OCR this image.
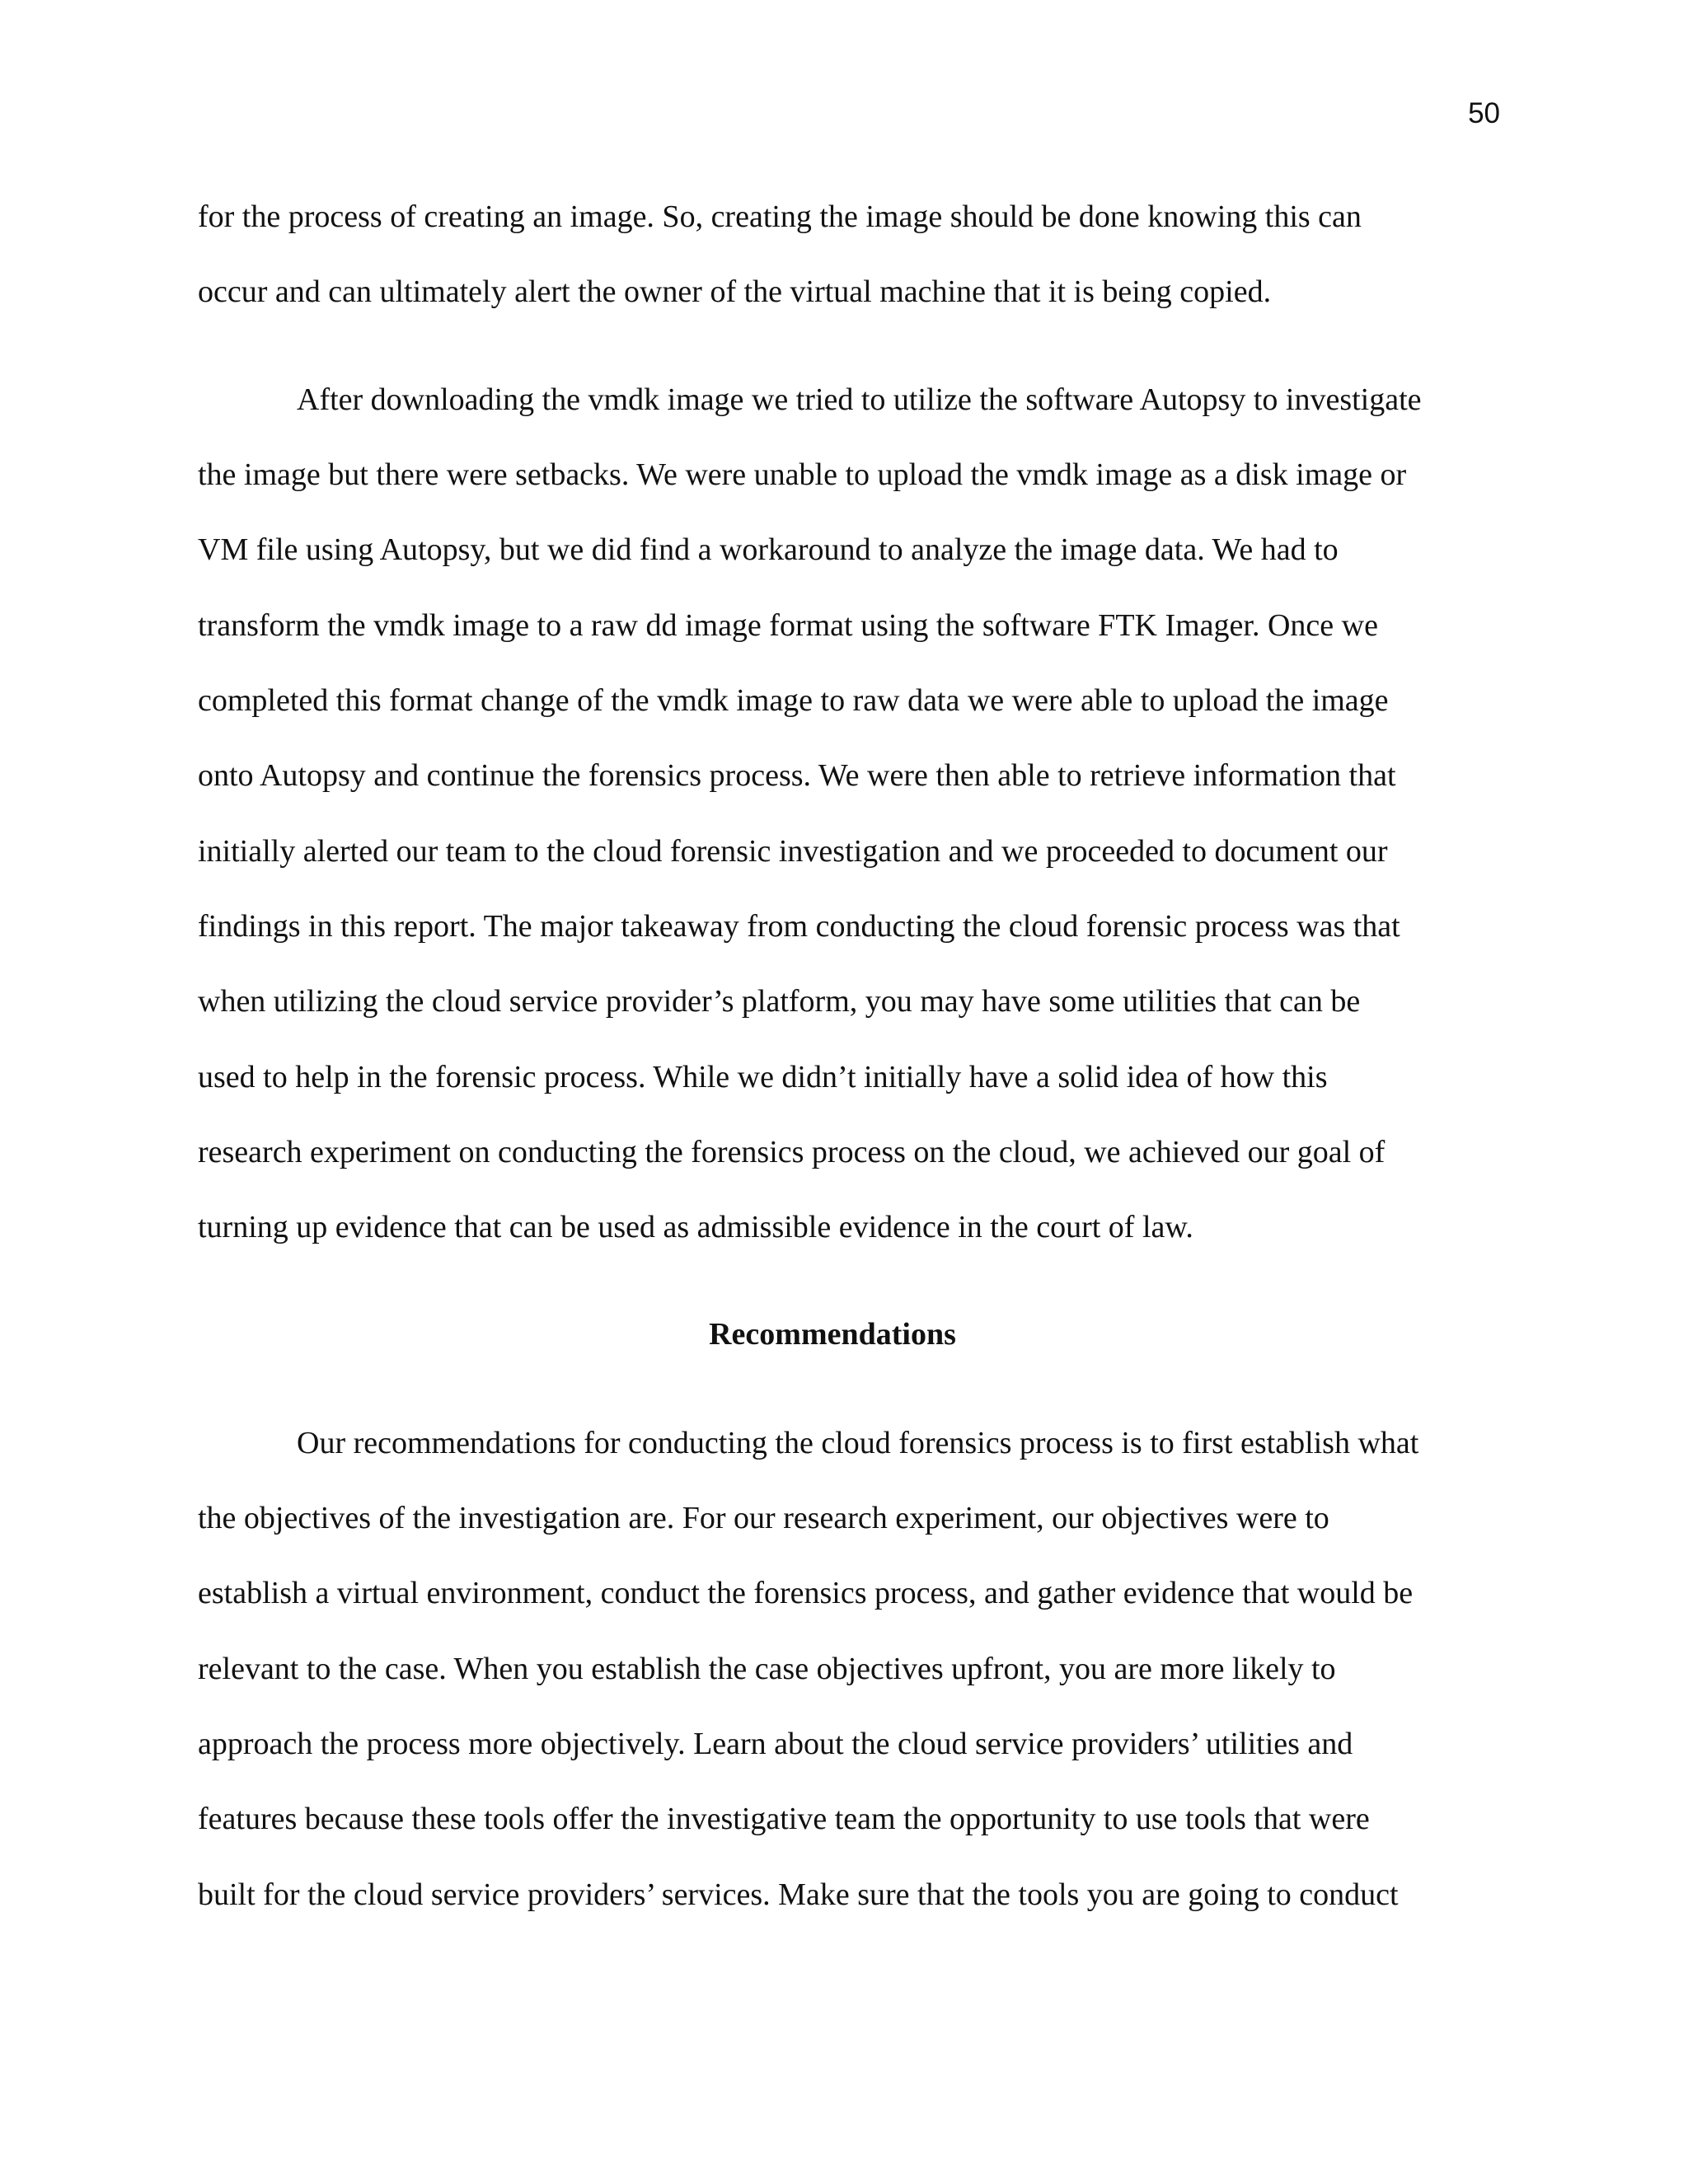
50
for the process of creating an image. So, creating the image should be done knowing this can
occur and can ultimately alert the owner of the virtual machine that it is being copied.
After downloading the vmdk image we tried to utilize the software Autopsy to investigate
the image but there were setbacks. We were unable to upload the vmdk image as a disk image or
VM file using Autopsy, but we did find a workaround to analyze the image data. We had to
transform the vmdk image to a raw dd image format using the software FTK Imager. Once we
completed this format change of the vmdk image to raw data we were able to upload the image
onto Autopsy and continue the forensics process. We were then able to retrieve information that
initially alerted our team to the cloud forensic investigation and we proceeded to document our
findings in this report. The major takeaway from conducting the cloud forensic process was that
when utilizing the cloud service provider’s platform, you may have some utilities that can be
used to help in the forensic process. While we didn’t initially have a solid idea of how this
research experiment on conducting the forensics process on the cloud, we achieved our goal of
turning up evidence that can be used as admissible evidence in the court of law.
Recommendations
Our recommendations for conducting the cloud forensics process is to first establish what
the objectives of the investigation are. For our research experiment, our objectives were to
establish a virtual environment, conduct the forensics process, and gather evidence that would be
relevant to the case. When you establish the case objectives upfront, you are more likely to
approach the process more objectively. Learn about the cloud service providers’ utilities and
features because these tools offer the investigative team the opportunity to use tools that were
built for the cloud service providers’ services. Make sure that the tools you are going to conduct
